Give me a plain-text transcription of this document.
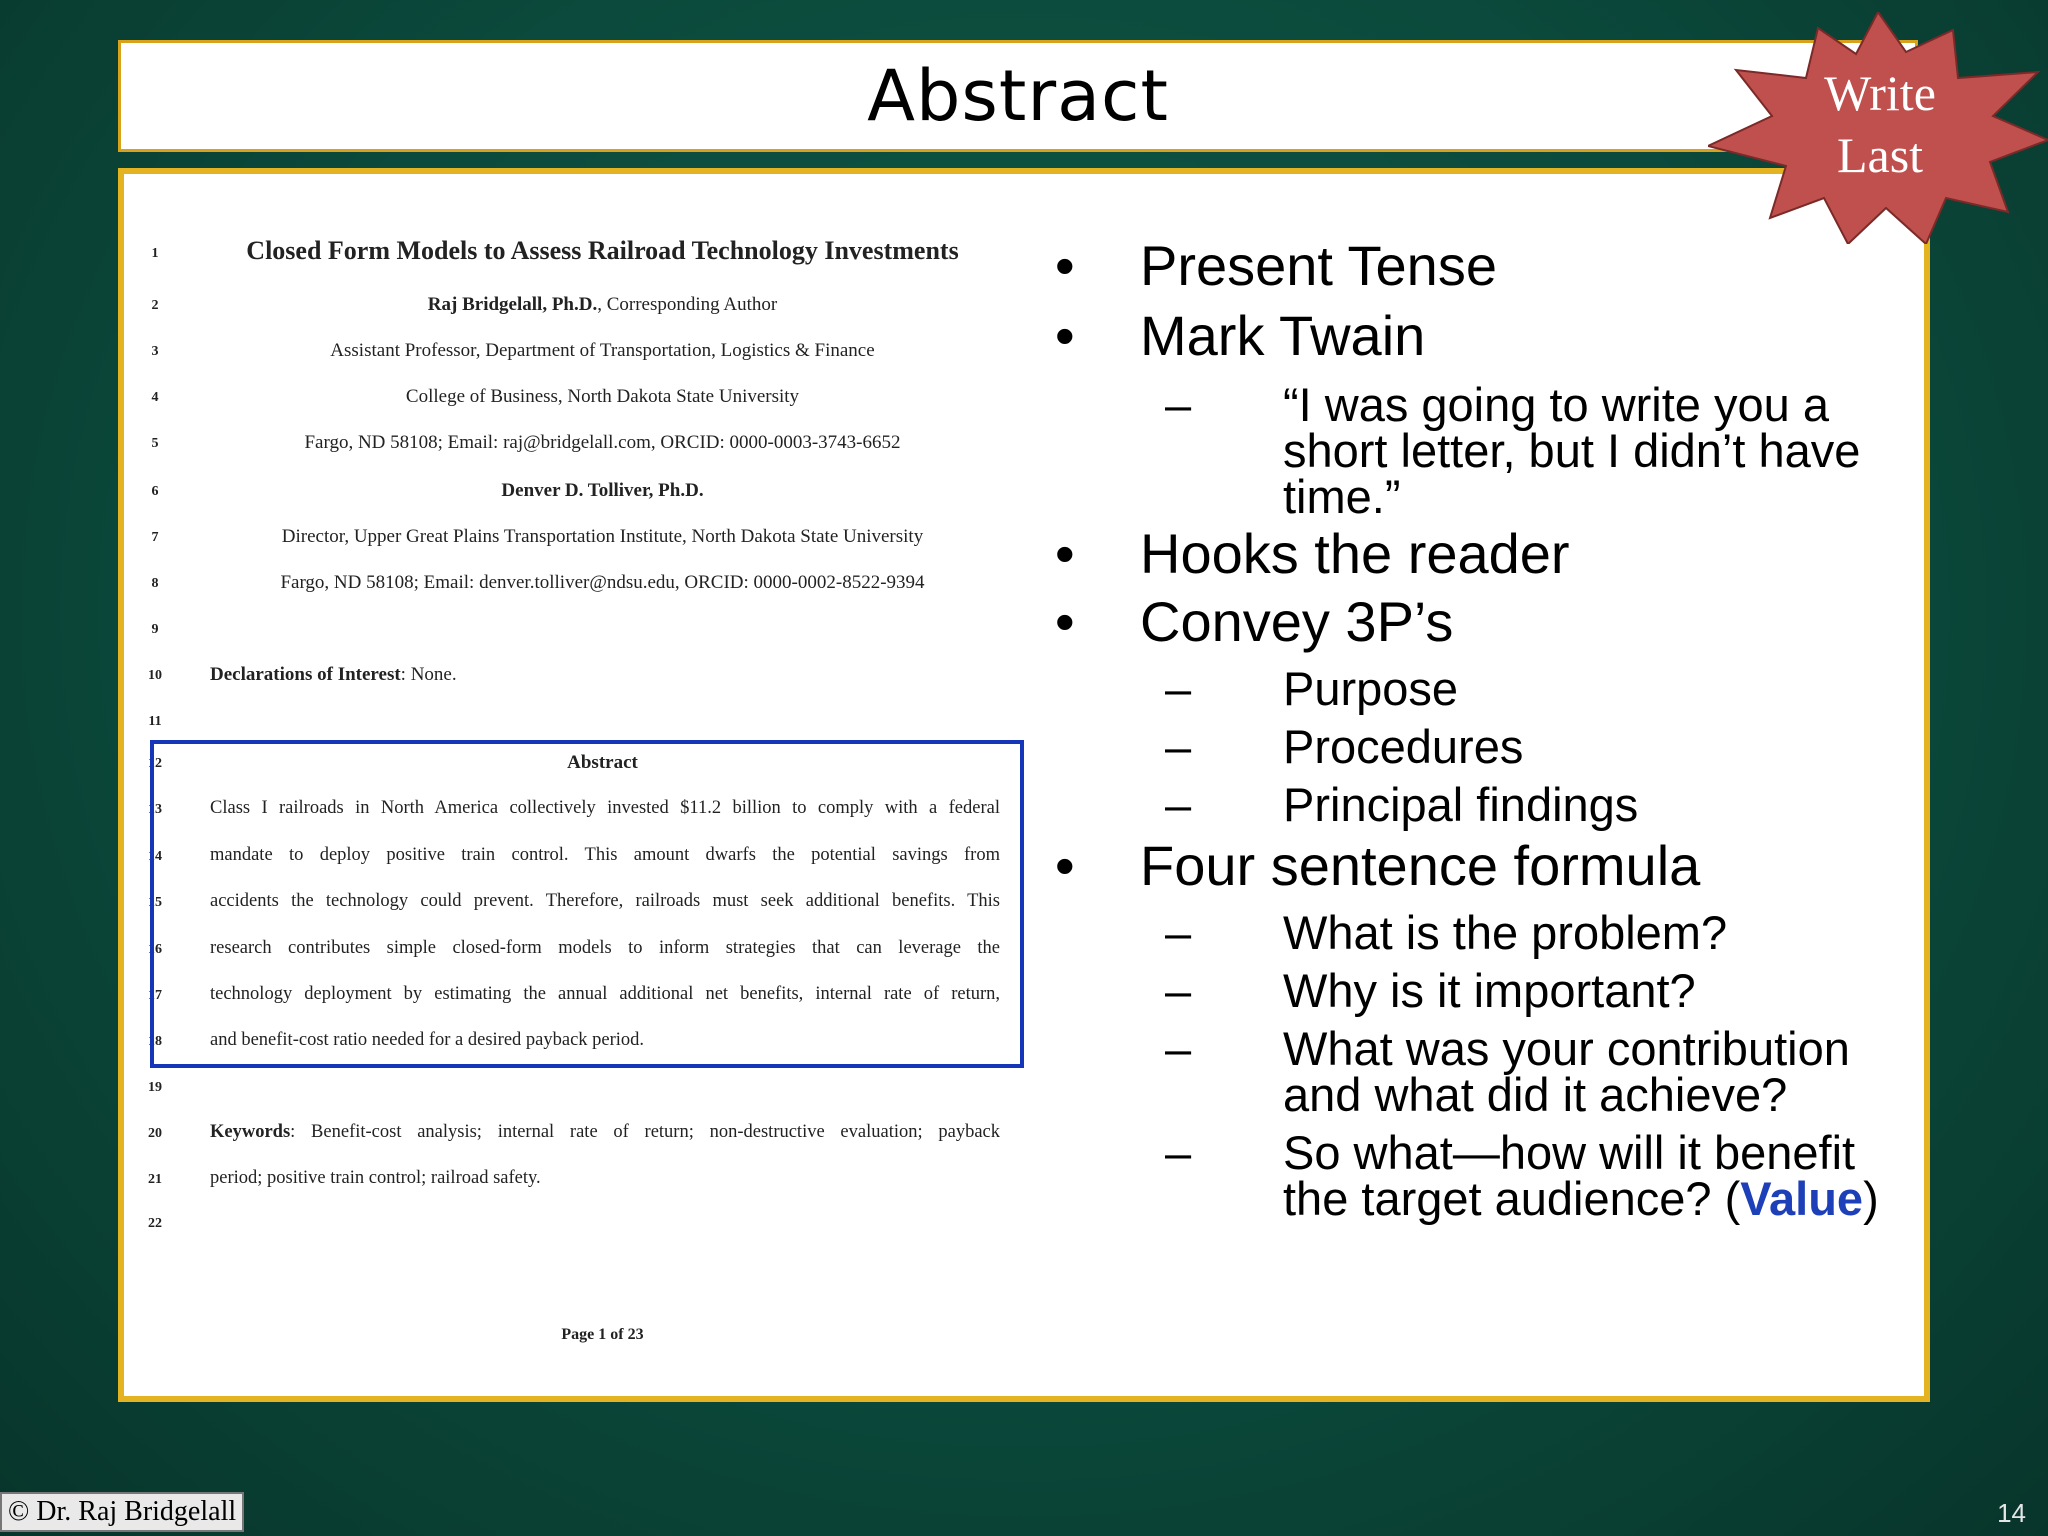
Abstract	Write
Last
1	Closed Form Models to Assess Railroad Technology Investments
2	Raj Bridgelall, Ph.D., Corresponding Author
3	Assistant Professor, Department of Transportation, Logistics & Finance
4	College of Business, North Dakota State University
5	Fargo, ND 58108; Email: raj@bridgelall.com, ORCID: 0000-0003-3743-6652
6	Denver D. Tolliver, Ph.D.
7	Director, Upper Great Plains Transportation Institute, North Dakota State University
8	Fargo, ND 58108; Email: denver.tolliver@ndsu.edu, ORCID: 0000-0002-8522-9394
9
10	Declarations of Interest: None.
11
12	Abstract
13	Class I railroads in North America collectively invested $11.2 billion to comply with a federal
14	mandate to deploy positive train control. This amount dwarfs the potential savings from
15	accidents the technology could prevent. Therefore, railroads must seek additional benefits. This
16	research contributes simple closed-form models to inform strategies that can leverage the
17	technology deployment by estimating the annual additional net benefits, internal rate of return,
18	and benefit-cost ratio needed for a desired payback period.
19
20	Keywords: Benefit-cost analysis; internal rate of return; non-destructive evaluation; payback
21	period; positive train control; railroad safety.
22
Page 1 of 23
•	Present Tense
•	Mark Twain
– “I was going to write you a
short letter, but I didn’t have
time.”
•	Hooks the reader
•	Convey 3P’s
– Purpose
– Procedures
– Principal findings
•	Four sentence formula
– What is the problem?
– Why is it important?
– What was your contribution
and what did it achieve?
– So what—how will it benefit
the target audience? (Value)
© Dr. Raj Bridgelall	14
